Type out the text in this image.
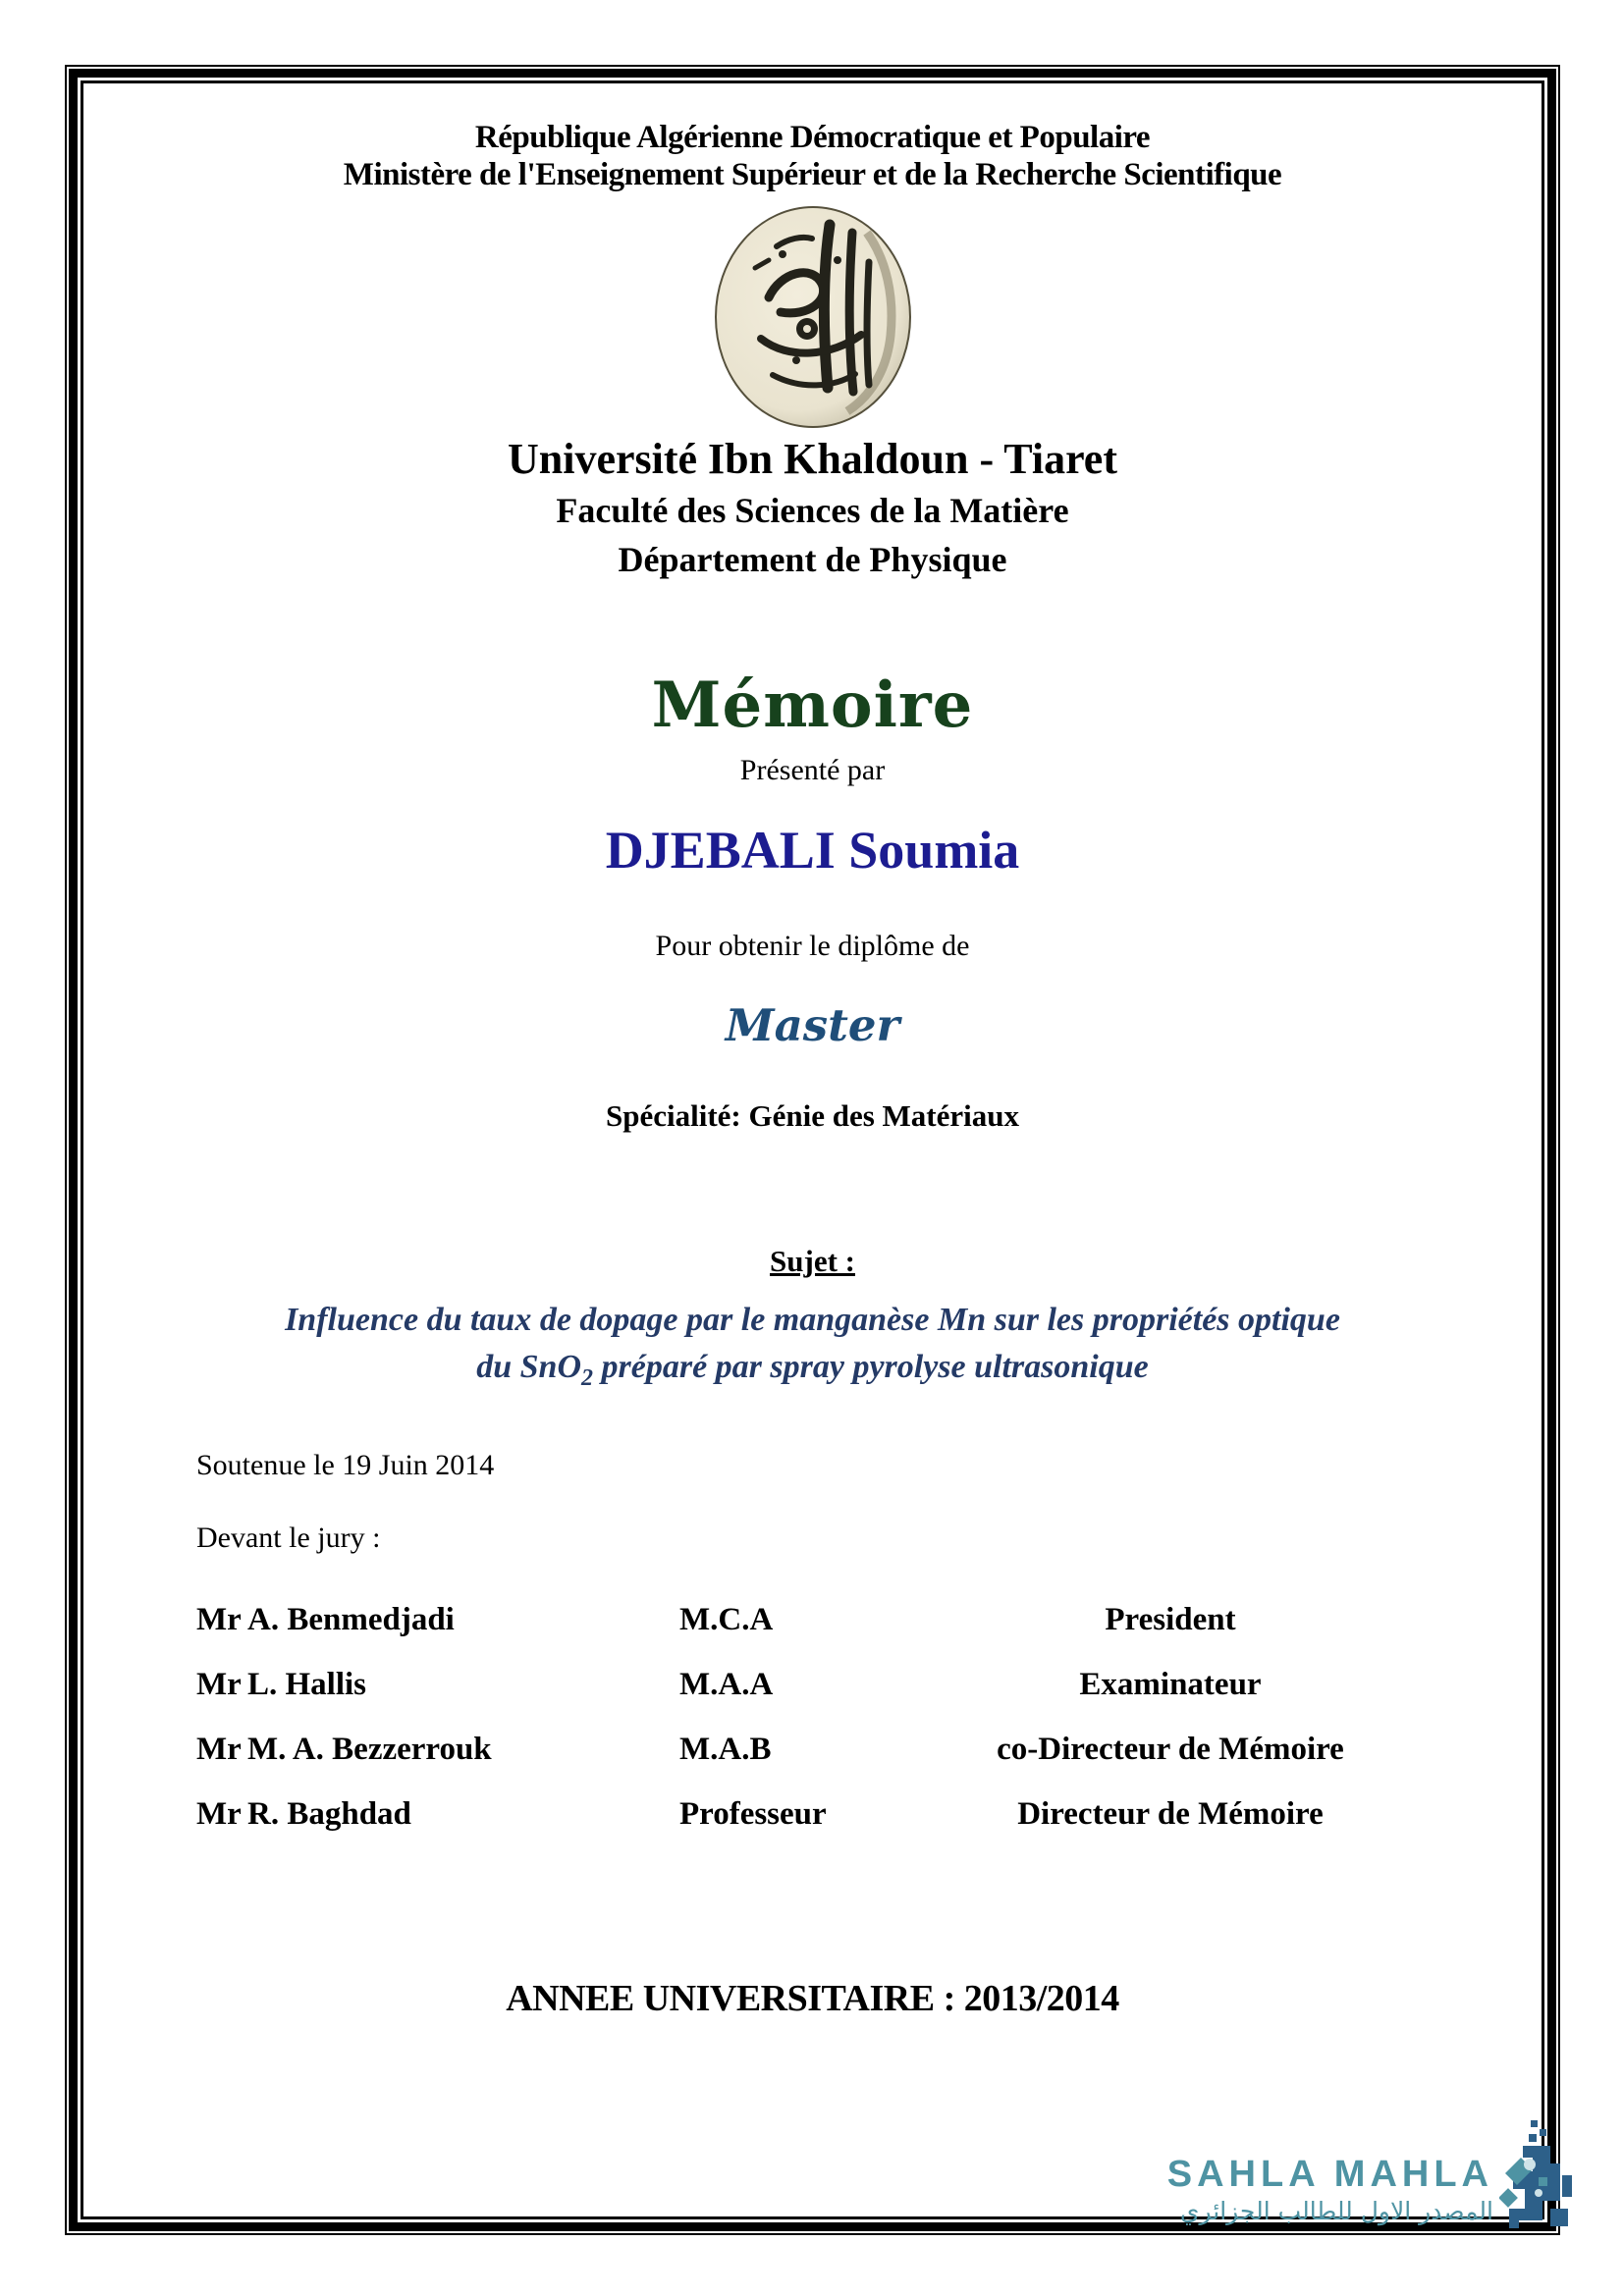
République Algérienne Démocratique et Populaire
Ministère de l'Enseignement Supérieur et de la Recherche Scientifique
Université Ibn Khaldoun - Tiaret
Faculté des Sciences de la Matière
Département de Physique
Mémoire
Présenté par
DJEBALI Soumia
Pour obtenir le diplôme de
Master
Spécialité: Génie des Matériaux
Sujet :
Influence du taux de dopage par le manganèse Mn sur les propriétés optique
du SnO$_2$ préparé par spray pyrolyse ultrasonique
Soutenue le 19 Juin 2014
Devant le jury :
Mr A. Benmedjadi	M.C.A	President
Mr L. Hallis	M.A.A	Examinateur
Mr M. A. Bezzerrouk	M.A.B	co-Directeur de Mémoire
Mr R. Baghdad	Professeur	Directeur de Mémoire
ANNEE UNIVERSITAIRE : 2013/2014
SAHLA MAHLA
المصدر الاول للطالب الجزائري
